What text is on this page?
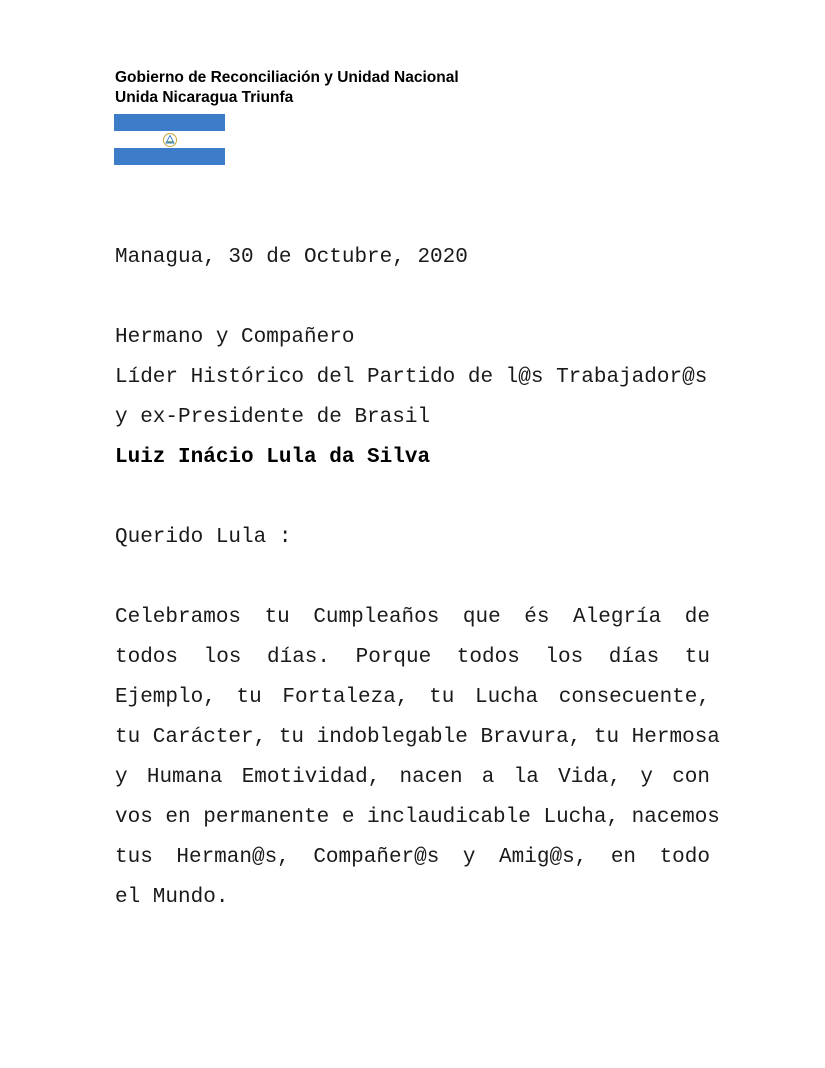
Gobierno de Reconciliación y Unidad Nacional
Unida Nicaragua Triunfa
Managua, 30 de Octubre, 2020
Hermano y Compañero
Líder Histórico del Partido de l@s Trabajador@s
y ex-Presidente de Brasil
Luiz Inácio Lula da Silva
Querido Lula :
Celebramos tu Cumpleaños que és Alegría de
todos los días. Porque todos los días tu
Ejemplo, tu Fortaleza, tu Lucha consecuente,
tu Carácter, tu indoblegable Bravura, tu Hermosa
y Humana Emotividad, nacen a la Vida, y con
vos en permanente e inclaudicable Lucha, nacemos
tus Herman@s, Compañer@s y Amig@s, en todo
el Mundo.
